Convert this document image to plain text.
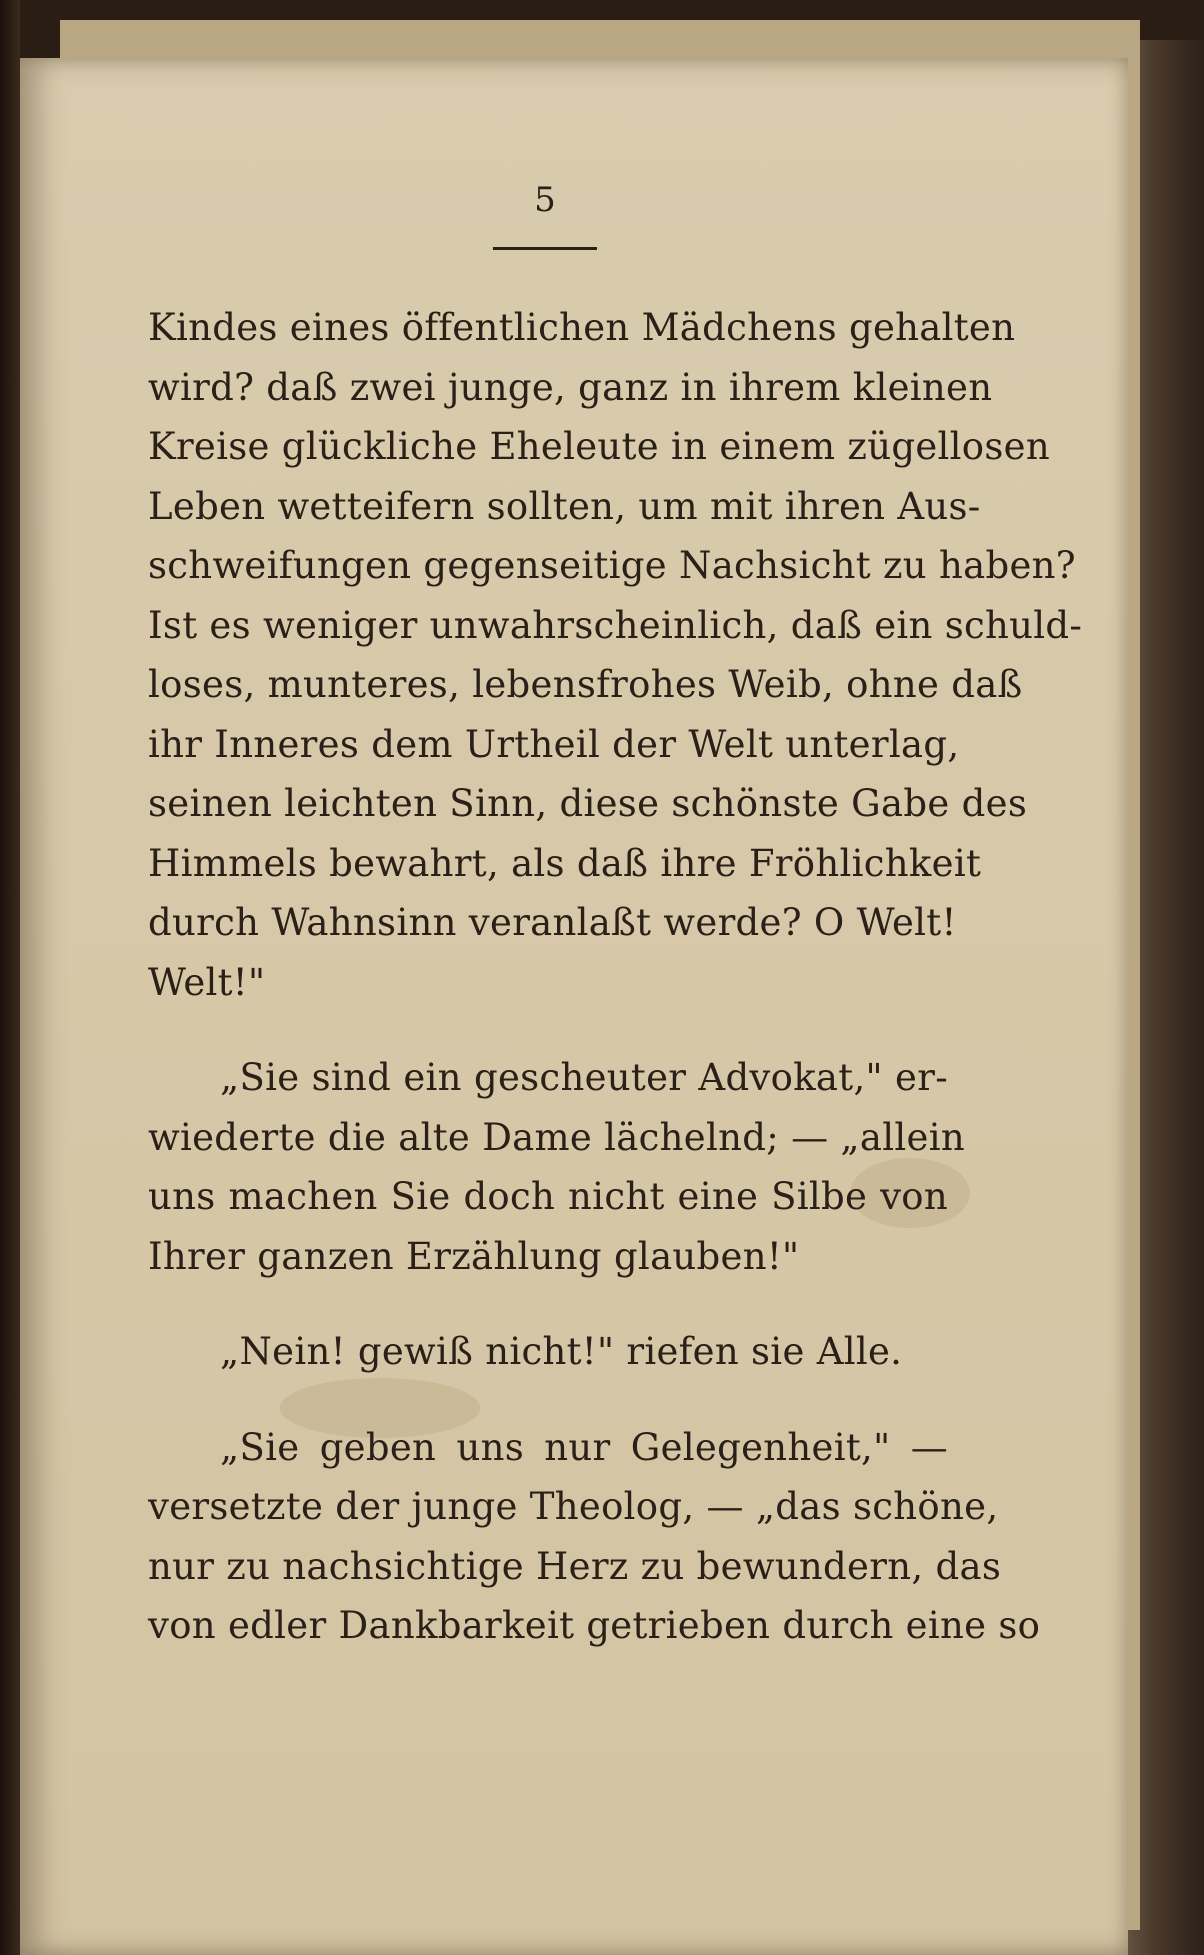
5
Kindes eines öffentlichen Mädchens gehalten
wird? daß zwei junge, ganz in ihrem kleinen
Kreise glückliche Eheleute in einem zügellosen
Leben wetteifern sollten, um mit ihren Aus-
schweifungen gegenseitige Nachsicht zu haben?
Ist es weniger unwahrscheinlich, daß ein schuld-
loses, munteres, lebensfrohes Weib, ohne daß
ihr Inneres dem Urtheil der Welt unterlag,
seinen leichten Sinn, diese schönste Gabe des
Himmels bewahrt, als daß ihre Fröhlichkeit
durch Wahnsinn veranlaßt werde? O Welt!
Welt!"
„Sie sind ein gescheuter Advokat," er-
wiederte die alte Dame lächelnd; — „allein
uns machen Sie doch nicht eine Silbe von
Ihrer ganzen Erzählung glauben!"
„Nein! gewiß nicht!" riefen sie Alle.
„Sie geben uns nur Gelegenheit," —
versetzte der junge Theolog, — „das schöne,
nur zu nachsichtige Herz zu bewundern, das
von edler Dankbarkeit getrieben durch eine so
